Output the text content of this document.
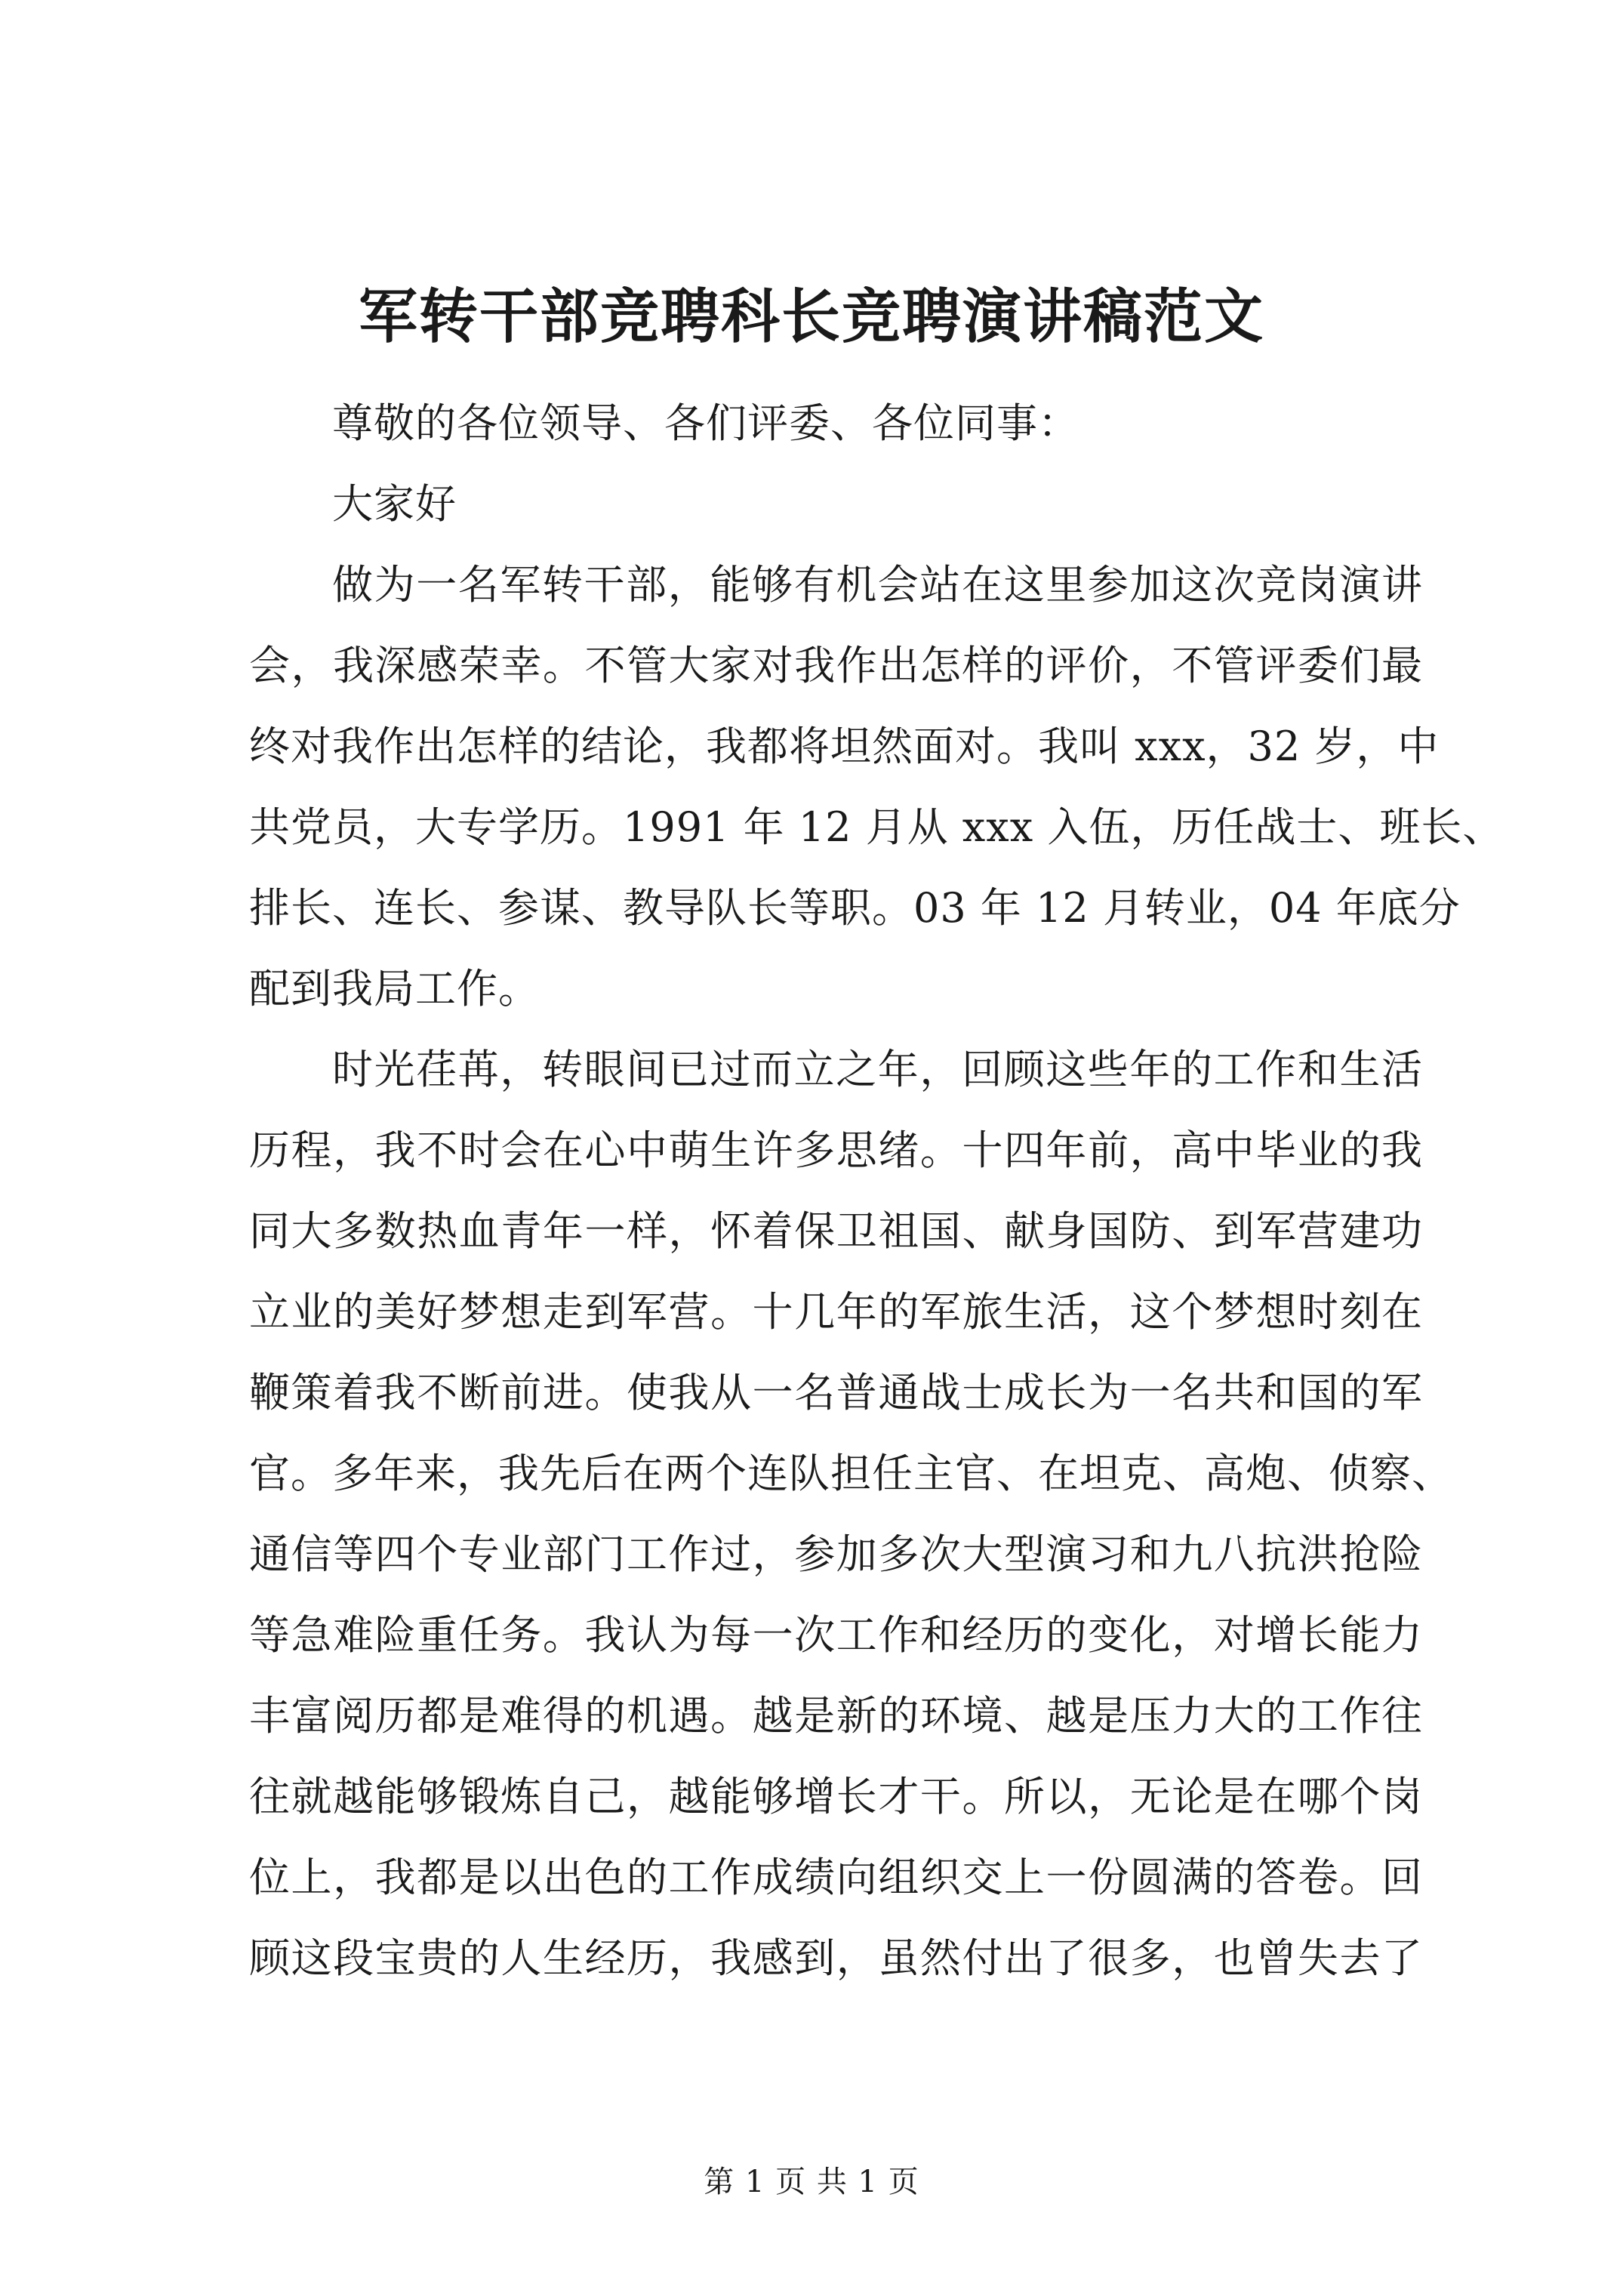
军转干部竞聘科长竞聘演讲稿范文

尊敬的各位领导、各们评委、各位同事：

大家好

做为一名军转干部，能够有机会站在这里参加这次竞岗演讲
会，我深感荣幸。不管大家对我作出怎样的评价，不管评委们最
终对我作出怎样的结论，我都将坦然面对。我叫 xxx，32 岁，中
共党员，大专学历。1991 年 12 月从 xxx 入伍，历任战士、班长、
排长、连长、参谋、教导队长等职。03 年 12 月转业，04 年底分
配到我局工作。
时光荏苒，转眼间已过而立之年，回顾这些年的工作和生活
历程，我不时会在心中萌生许多思绪。十四年前，高中毕业的我
同大多数热血青年一样，怀着保卫祖国、献身国防、到军营建功
立业的美好梦想走到军营。十几年的军旅生活，这个梦想时刻在
鞭策着我不断前进。使我从一名普通战士成长为一名共和国的军
官。多年来，我先后在两个连队担任主官、在坦克、高炮、侦察、
通信等四个专业部门工作过，参加多次大型演习和九八抗洪抢险
等急难险重任务。我认为每一次工作和经历的变化，对增长能力
丰富阅历都是难得的机遇。越是新的环境、越是压力大的工作往
往就越能够锻炼自己，越能够增长才干。所以，无论是在哪个岗
位上，我都是以出色的工作成绩向组织交上一份圆满的答卷。回
顾这段宝贵的人生经历，我感到，虽然付出了很多，也曾失去了
第 1 页 共 1 页
